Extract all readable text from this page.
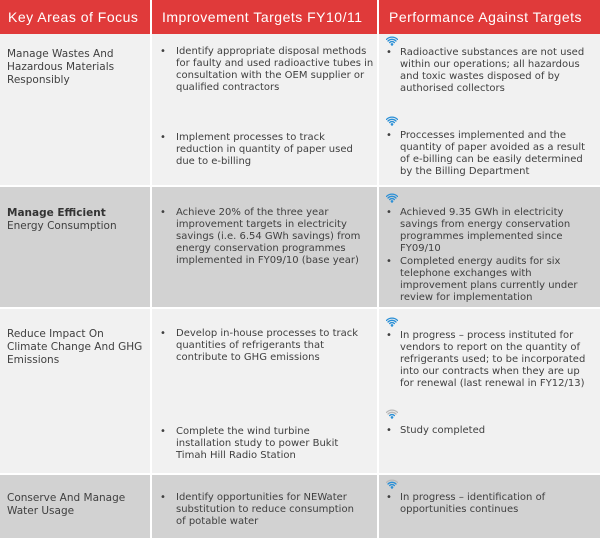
Key Areas of Focus Improvement Targets FY10/11 Performance Against Targets
Manage Wastes And Hazardous Materials Responsibly
• Identify appropriate disposal methods for faulty and used radioactive tubes in consultation with the OEM supplier or qualified contractors
• Implement processes to track reduction in quantity of paper used due to e-billing
• Radioactive substances are not used within our operations; all hazardous and toxic wastes disposed of by authorised collectors
• Proccesses implemented and the quantity of paper avoided as a result of e-billing can be easily determined by the Billing Department
Manage Efficient
Energy Consumption
• Achieve 20% of the three year improvement targets in electricity savings (i.e. 6.54 GWh savings) from energy conservation programmes implemented in FY09/10 (base year)
• Achieved 9.35 GWh in electricity savings from energy conservation programmes implemented since FY09/10
• Completed energy audits for six telephone exchanges with improvement plans currently under review for implementation
Reduce Impact On Climate Change And GHG Emissions
• Develop in-house processes to track quantities of refrigerants that contribute to GHG emissions
• Complete the wind turbine installation study to power Bukit Timah Hill Radio Station
• In progress – process instituted for vendors to report on the quantity of refrigerants used; to be incorporated into our contracts when they are up for renewal (last renewal in FY12/13)
• Study completed
Conserve And Manage Water Usage
• Identify opportunities for NEWater substitution to reduce consumption of potable water
• In progress – identification of opportunities continues
